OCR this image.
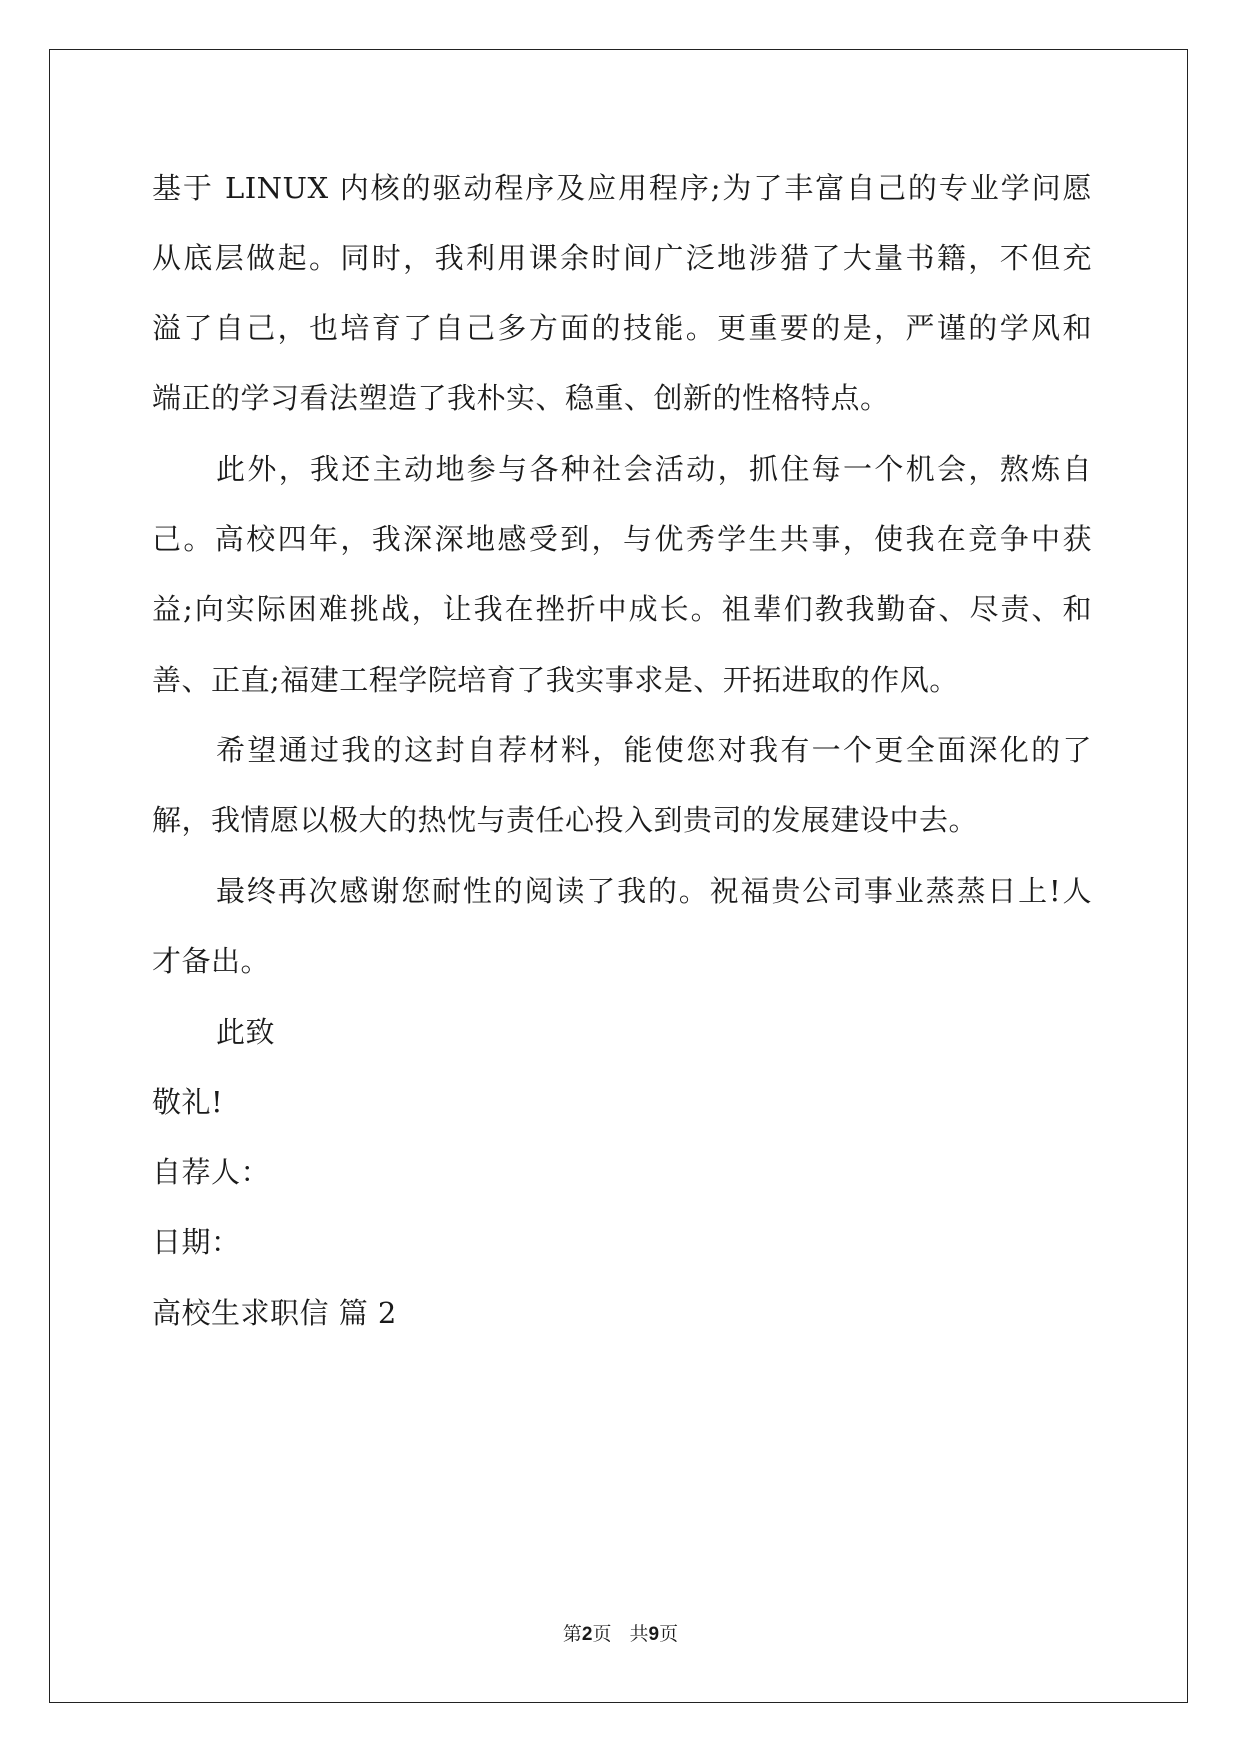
基于 LINUX 内核的驱动程序及应用程序;为了丰富自己的专业学问愿
从底层做起。同时，我利用课余时间广泛地涉猎了大量书籍，不但充
溢了自己，也培育了自己多方面的技能。更重要的是，严谨的学风和
端正的学习看法塑造了我朴实、稳重、创新的性格特点。
此外，我还主动地参与各种社会活动，抓住每一个机会，熬炼自
己。高校四年，我深深地感受到，与优秀学生共事，使我在竞争中获
益;向实际困难挑战，让我在挫折中成长。祖辈们教我勤奋、尽责、和
善、正直;福建工程学院培育了我实事求是、开拓进取的作风。
希望通过我的这封自荐材料，能使您对我有一个更全面深化的了
解，我情愿以极大的热忱与责任心投入到贵司的发展建设中去。
最终再次感谢您耐性的阅读了我的。祝福贵公司事业蒸蒸日上!人
才备出。
此致
敬礼!
自荐人：
日期：
高校生求职信 篇 2
第2页 共9页
